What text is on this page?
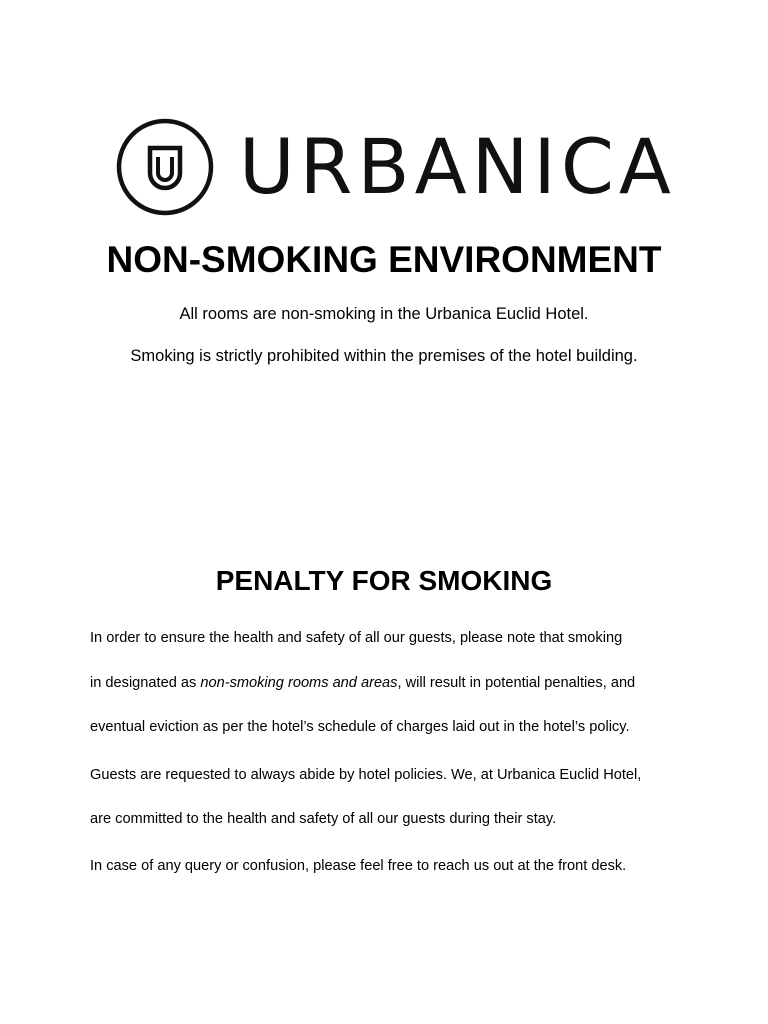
URBANICA
NON-SMOKING ENVIRONMENT
All rooms are non-smoking in the Urbanica Euclid Hotel.
Smoking is strictly prohibited within the premises of the hotel building.
PENALTY FOR SMOKING
In order to ensure the health and safety of all our guests, please note that smoking
in designated as non-smoking rooms and areas, will result in potential penalties, and
eventual eviction as per the hotel’s schedule of charges laid out in the hotel’s policy.
Guests are requested to always abide by hotel policies. We, at Urbanica Euclid Hotel,
are committed to the health and safety of all our guests during their stay.
In case of any query or confusion, please feel free to reach us out at the front desk.
